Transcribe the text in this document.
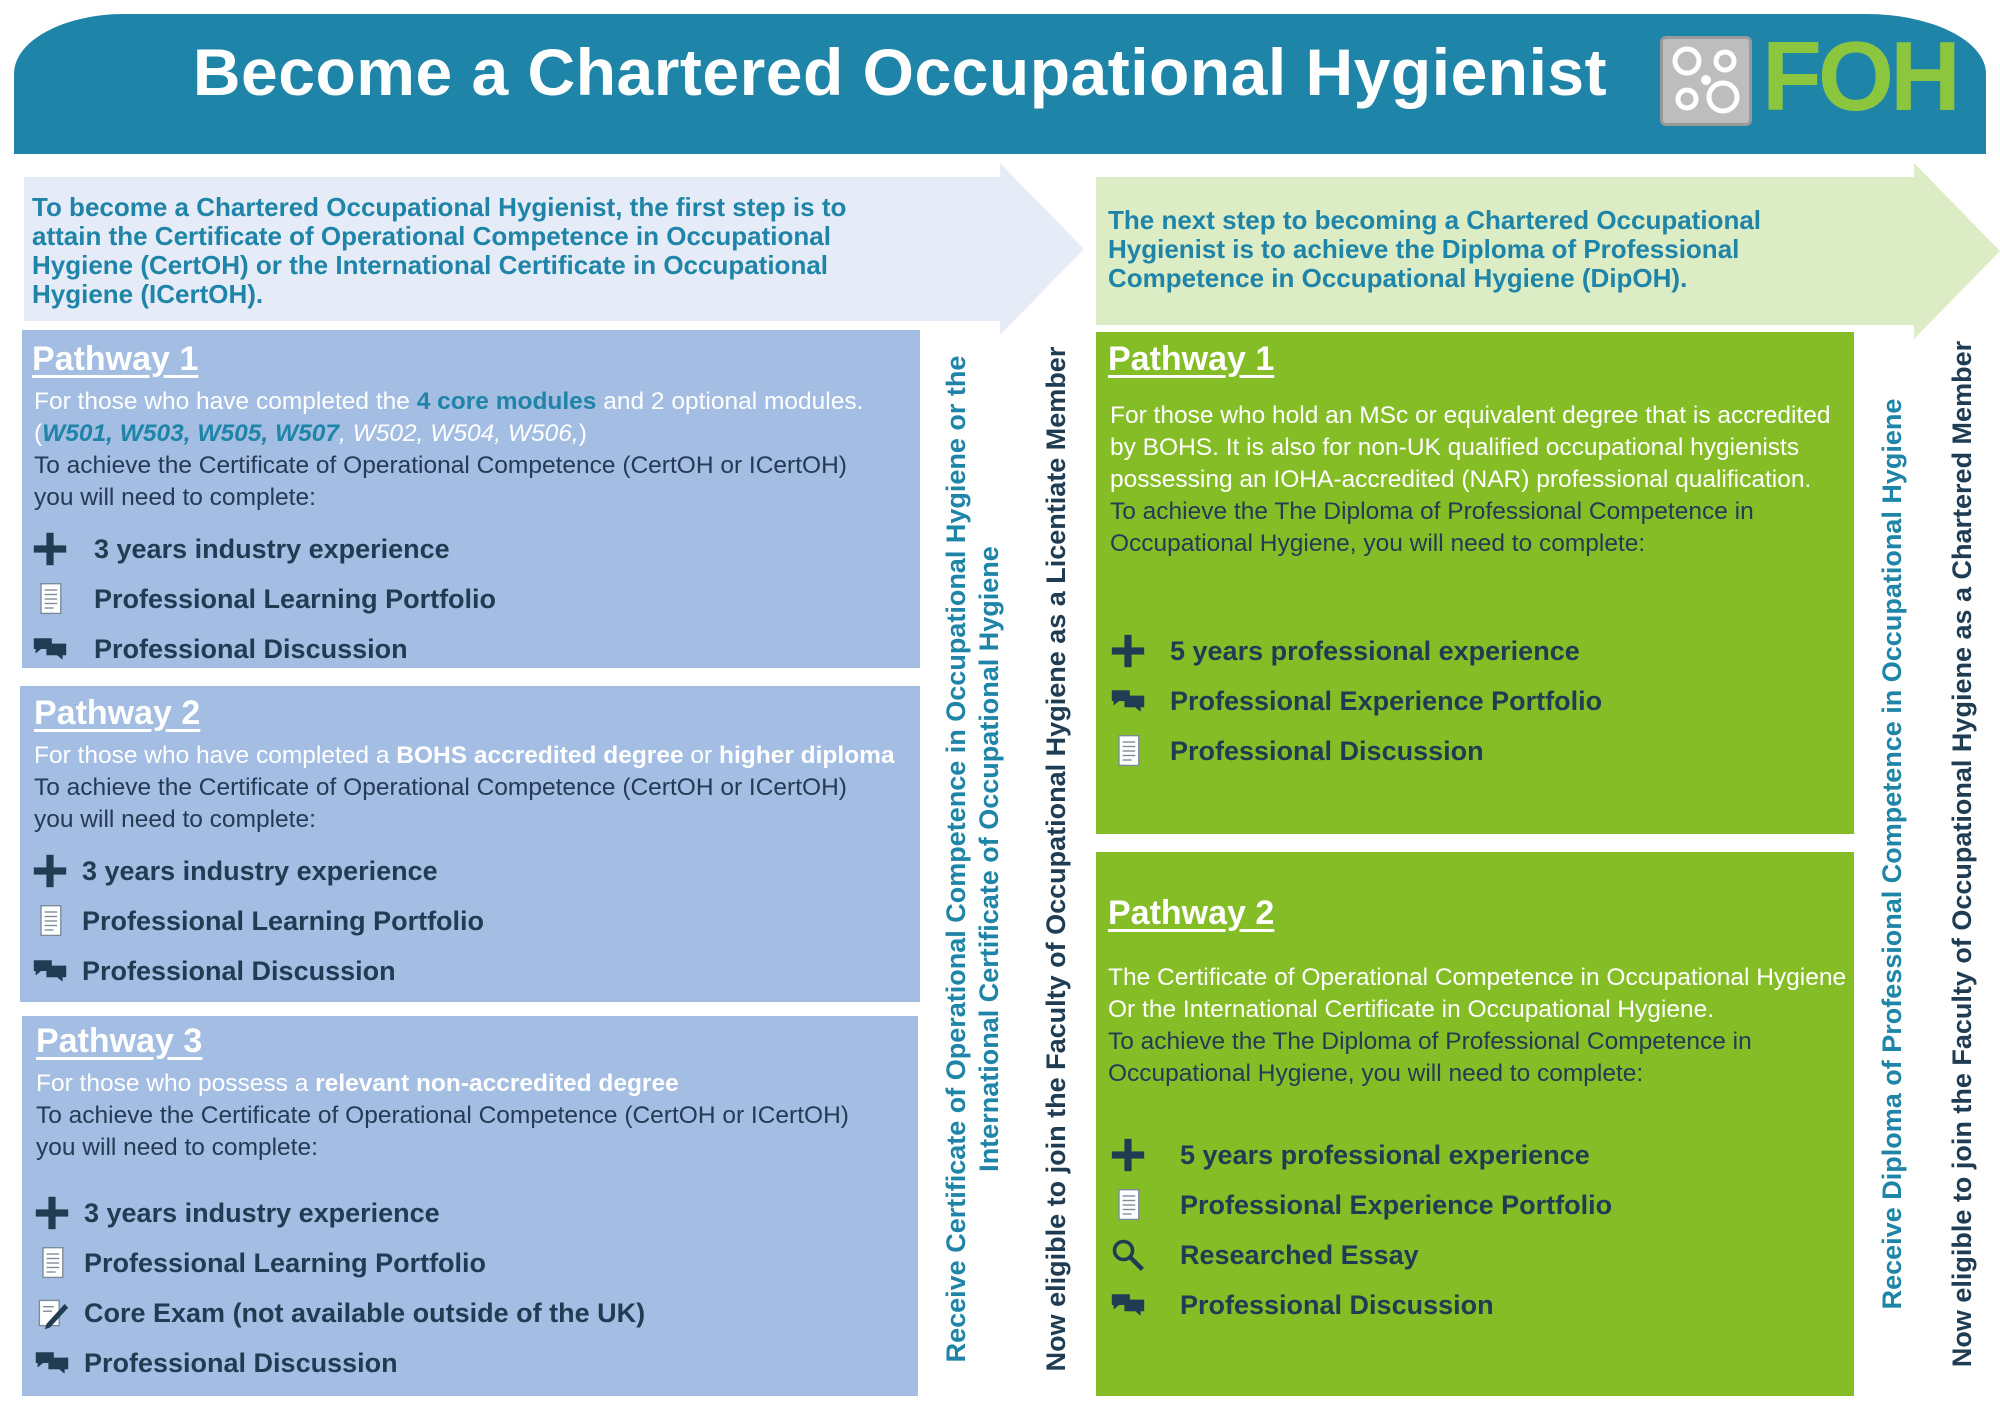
Become a Chartered Occupational Hygienist	FOH
To become a Chartered Occupational Hygienist, the first step is to attain the Certificate of Operational Competence in Occupational Hygiene (CertOH) or the International Certificate in Occupational Hygiene (ICertOH).
Pathway 1
For those who have completed the 4 core modules and 2 optional modules.
(W501, W503, W505, W507, W502, W504, W506,)
To achieve the Certificate of Operational Competence (CertOH or ICertOH)
you will need to complete:
3 years industry experience
Professional Learning Portfolio
Professional Discussion
Pathway 2
For those who have completed a BOHS accredited degree or higher diploma
To achieve the Certificate of Operational Competence (CertOH or ICertOH)
you will need to complete:
3 years industry experience
Professional Learning Portfolio
Professional Discussion
Pathway 3
For those who possess a relevant non-accredited degree
To achieve the Certificate of Operational Competence (CertOH or ICertOH)
you will need to complete:
3 years industry experience
Professional Learning Portfolio
Core Exam (not available outside of the UK)
Professional Discussion
Receive Certificate of Operational Competence in Occupational Hygiene or the International Certificate of Occupational Hygiene Now eligible to join the Faculty of Occupational Hygiene as a Licentiate Member
The next step to becoming a Chartered Occupational Hygienist is to achieve the Diploma of Professional Competence in Occupational Hygiene (DipOH).
Pathway 1
For those who hold an MSc or equivalent degree that is accredited by BOHS. It is also for non-UK qualified occupational hygienists possessing an IOHA-accredited (NAR) professional qualification.
To achieve the The Diploma of Professional Competence in Occupational Hygiene, you will need to complete:
5 years professional experience
Professional Experience Portfolio
Professional Discussion
Pathway 2
The Certificate of Operational Competence in Occupational Hygiene Or the International Certificate in Occupational Hygiene.
To achieve the The Diploma of Professional Competence in Occupational Hygiene, you will need to complete:
5 years professional experience
Professional Experience Portfolio
Researched Essay
Professional Discussion	Receive Diploma of Professional Competence in Occupational Hygiene Now eligible to join the Faculty of Occupational Hygiene as a Chartered Member
